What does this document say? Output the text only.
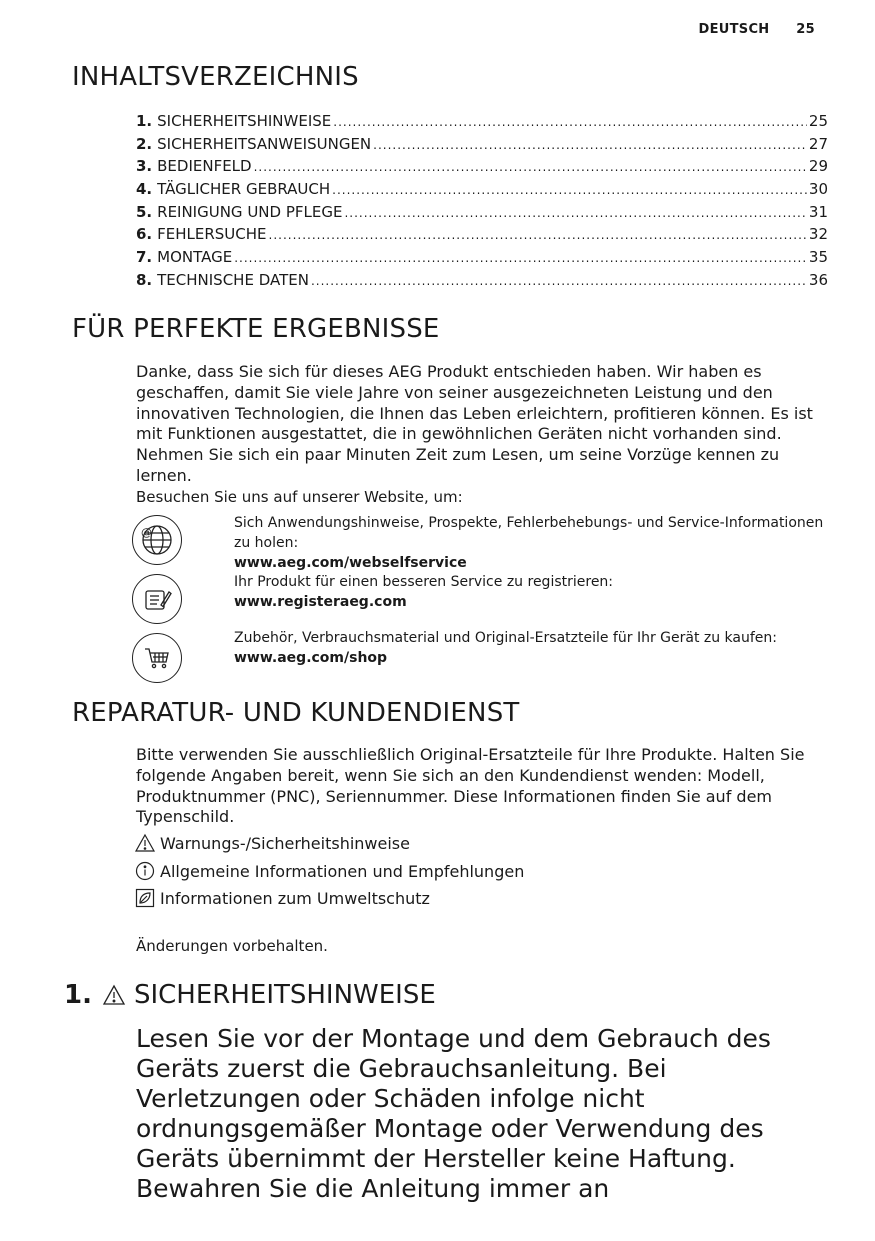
DEUTSCH 25
INHALTSVERZEICHNIS
1. SICHERHEITSHINWEISE .....	25
2. SICHERHEITSANWEISUNGEN .....	27
3. BEDIENFELD .....	29
4. TÄGLICHER GEBRAUCH .....	30
5. REINIGUNG UND PFLEGE .....	31
6. FEHLERSUCHE .....	32
7. MONTAGE .....	35
8. TECHNISCHE DATEN .....	36
FÜR PERFEKTE ERGEBNISSE

Danke, dass Sie sich für dieses AEG Produkt entschieden haben. Wir haben es geschaffen, damit Sie viele Jahre von seiner ausgezeichneten Leistung und den innovativen Technologien, die Ihnen das Leben erleichtern, profitieren können. Es ist mit Funktionen ausgestattet, die in gewöhnlichen Geräten nicht vorhanden sind. Nehmen Sie sich ein paar Minuten Zeit zum Lesen, um seine Vorzüge kennen zu lernen.

Besuchen Sie uns auf unserer Website, um:

@
Sich Anwendungshinweise, Prospekte, Fehlerbehebungs- und Service-Informationen zu holen:
www.aeg.com/webselfservice
Ihr Produkt für einen besseren Service zu registrieren:
www.registeraeg.com
Zubehör, Verbrauchsmaterial und Original-Ersatzteile für Ihr Gerät zu kaufen:
www.aeg.com/shop
REPARATUR- UND KUNDENDIENST

Bitte verwenden Sie ausschließlich Original-Ersatzteile für Ihre Produkte. Halten Sie folgende Angaben bereit, wenn Sie sich an den Kundendienst wenden: Modell, Produktnummer (PNC), Seriennummer. Diese Informationen finden Sie auf dem Typenschild.

Warnungs-/Sicherheitshinweise
Allgemeine Informationen und Empfehlungen
Informationen zum Umweltschutz

Änderungen vorbehalten.

1. SICHERHEITSHINWEISE

Lesen Sie vor der Montage und dem Gebrauch des Geräts zuerst die Gebrauchsanleitung. Bei Verletzungen oder Schäden infolge nicht ordnungsgemäßer Montage oder Verwendung des Geräts übernimmt der Hersteller keine Haftung. Bewahren Sie die Anleitung immer an
